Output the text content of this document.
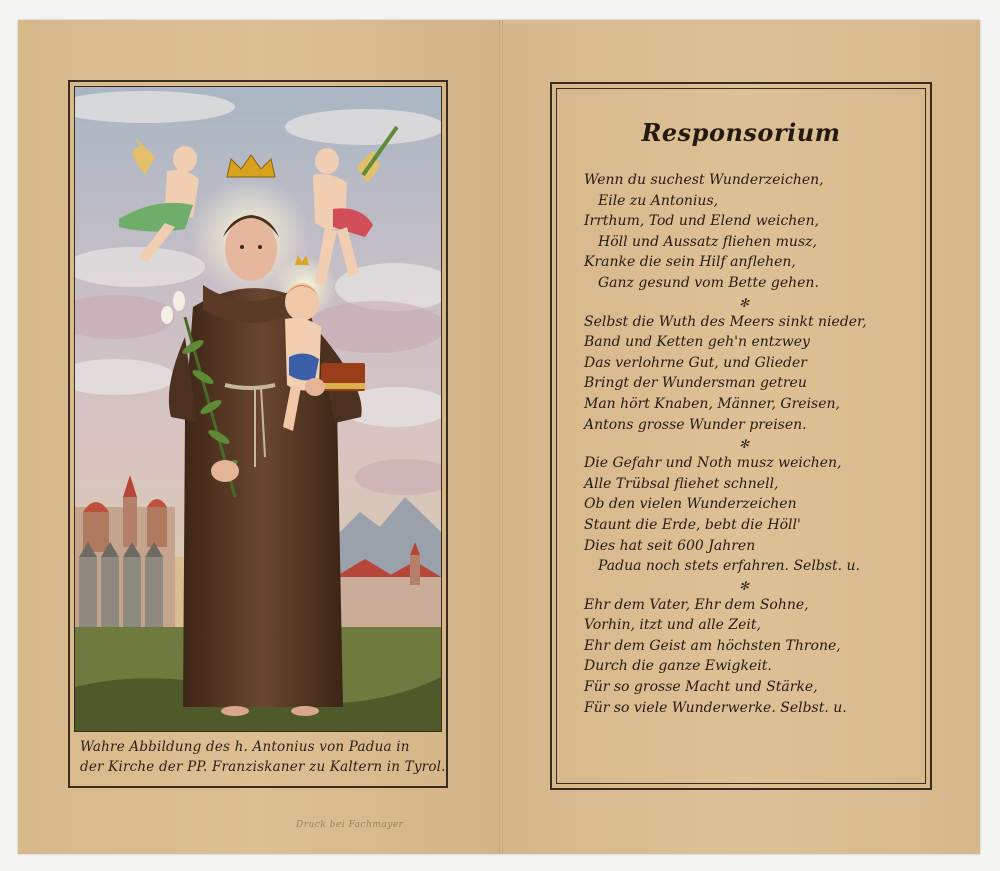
Wahre Abbildung des h. Antonius von Padua in
der Kirche der PP. Franziskaner zu Kaltern in Tyrol.
Druck bei Fachmayer
Responsorium
Wenn du suchest Wunderzeichen,
Eile zu Antonius,
Irrthum, Tod und Elend weichen,
Höll und Aussatz fliehen musz,
Kranke die sein Hilf anflehen,
Ganz gesund vom Bette gehen.
✻
Selbst die Wuth des Meers sinkt nieder,
Band und Ketten geh'n entzwey
Das verlohrne Gut, und Glieder
Bringt der Wundersman getreu
Man hört Knaben, Männer, Greisen,
Antons grosse Wunder preisen.
✻
Die Gefahr und Noth musz weichen,
Alle Trübsal fliehet schnell,
Ob den vielen Wunderzeichen
Staunt die Erde, bebt die Höll'
Dies hat seit 600 Jahren
Padua noch stets erfahren. Selbst. u.
✻
Ehr dem Vater, Ehr dem Sohne,
Vorhin, itzt und alle Zeit,
Ehr dem Geist am höchsten Throne,
Durch die ganze Ewigkeit.
Für so grosse Macht und Stärke,
Für so viele Wunderwerke. Selbst. u.
